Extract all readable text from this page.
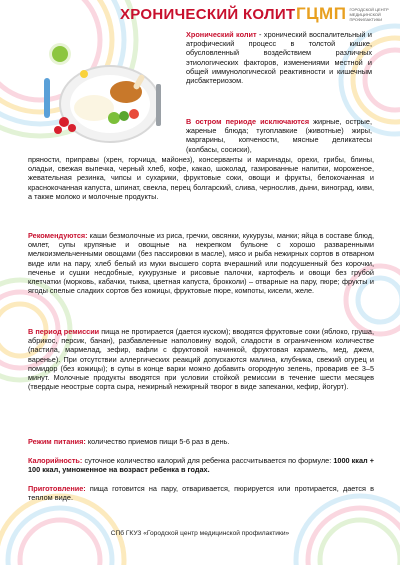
ХРОНИЧЕСКИЙ КОЛИТ ГЦМП ГОРОДСКОЙ ЦЕНТР МЕДИЦИНСКОЙ ПРОФИЛАКТИКИ
Хронический колит - хронический воспалительный и атрофический процесс в толстой кишке, обусловленный воздействием различных этиологических факторов, изменениями местной и общей иммунологической реактивности и кишечным дисбактериозом.
В остром периоде исключаются жирные, острые, жареные блюда; тугоплавкие (животные) жиры, маргарины, копчености, мясные деликатесы (колбасы, сосиски),
пряности, приправы (хрен, горчица, майонез), консерванты и маринады, орехи, грибы, блины, оладьи, свежая выпечка, черный хлеб, кофе, какао, шоколад, газированные напитки, мороженое, жевательная резинка, чипсы и сухарики, фруктовые соки, овощи и фрукты, белокочанная и краснокочанная капуста, шпинат, свекла, перец болгарский, слива, чернослив, дыни, виноград, киви, а также молоко и молочные продукты.
Рекомендуются: каши безмолочные из риса, гречки, овсянки, кукурузы, манки; яйца в составе блюд, омлет, супы крупяные и овощные на некрепком бульоне с хорошо разваренными мелкоизмельченными овощами (без пассировки в масле), мясо и рыба нежирных сортов в отварном виде или на пару, хлеб белый из муки высшего сорта вчерашний или подсушенный без корочки, печенье и сушки несдобные, кукурузные и рисовые палочки, картофель и овощи без грубой клетчатки (морковь, кабачки, тыква, цветная капуста, брокколи) – отварные на пару, пюре; фрукты и ягоды спелые сладких сортов без кожицы, фруктовые пюре, компоты, кисели, желе.
В период ремиссии пища не протирается (дается куском); вводятся фруктовые соки (яблоко, груша, абрикос, персик, банан), разбавленные наполовину водой, сладости в ограниченном количестве (пастила, мармелад, зефир, вафли с фруктовой начинкой, фруктовая карамель, мед, джем, варенье). При отсутствии аллергических реакций допускаются малина, клубника, свежий огурец и помидор (без кожицы); в супы в конце варки можно добавить огородную зелень, проварив ее 3–5 минут. Молочные продукты вводятся при условии стойкой ремиссии в течение шести месяцев (твердые неострые сорта сыра, нежирный нежирный творог в виде запеканки, кефир, йогурт).
Режим питания: количество приемов пищи 5-6 раз в день.
Калорийность: суточное количество калорий для ребенка рассчитывается по формуле: 1000 ккал + 100 ккал, умноженное на возраст ребенка в годах.
Приготовление: пища готовится на пару, отваривается, пюрируется или протирается, дается в теплом виде.
СПб ГКУЗ «Городской центр медицинской профилактики»
